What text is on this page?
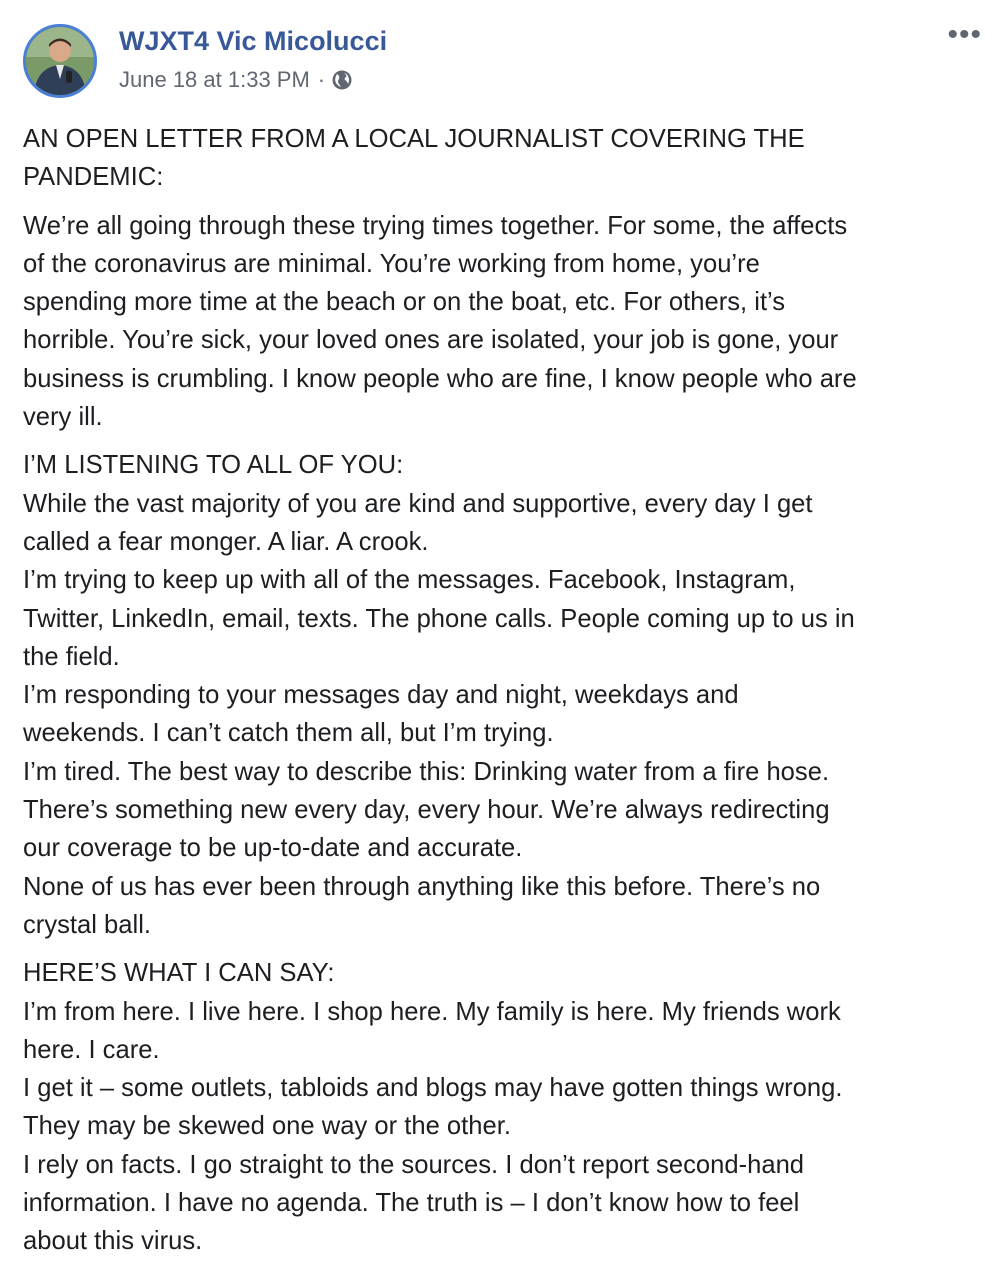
WJXT4 Vic Micolucci
June 18 at 1:33 PM ·
•••
AN OPEN LETTER FROM A LOCAL JOURNALIST COVERING THE
PANDEMIC:
We’re all going through these trying times together. For some, the affects
of the coronavirus are minimal. You’re working from home, you’re
spending more time at the beach or on the boat, etc. For others, it’s
horrible. You’re sick, your loved ones are isolated, your job is gone, your
business is crumbling. I know people who are fine, I know people who are
very ill.
I’M LISTENING TO ALL OF YOU:
While the vast majority of you are kind and supportive, every day I get
called a fear monger. A liar. A crook.
I’m trying to keep up with all of the messages. Facebook, Instagram,
Twitter, LinkedIn, email, texts. The phone calls. People coming up to us in
the field.
I’m responding to your messages day and night, weekdays and
weekends. I can’t catch them all, but I’m trying.
I’m tired. The best way to describe this: Drinking water from a fire hose.
There’s something new every day, every hour. We’re always redirecting
our coverage to be up-to-date and accurate.
None of us has ever been through anything like this before. There’s no
crystal ball.
HERE’S WHAT I CAN SAY:
I’m from here. I live here. I shop here. My family is here. My friends work
here. I care.
I get it – some outlets, tabloids and blogs may have gotten things wrong.
They may be skewed one way or the other.
I rely on facts. I go straight to the sources. I don’t report second-hand
information. I have no agenda. The truth is – I don’t know how to feel
about this virus.
